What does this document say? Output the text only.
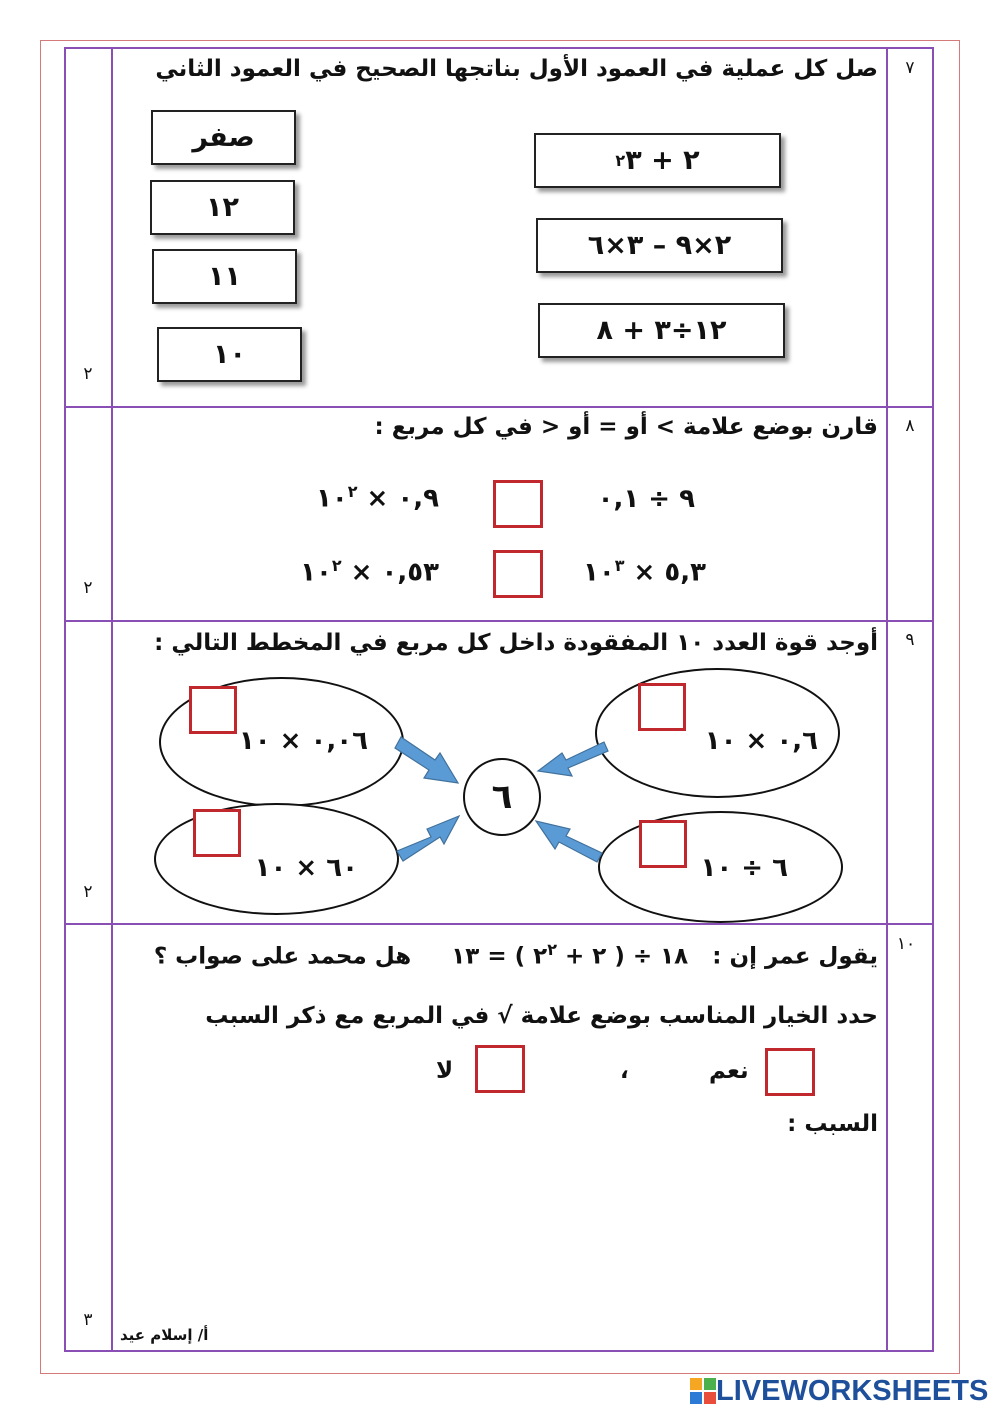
٧
٢
صل كل عملية في العمود الأول بناتجها الصحيح في العمود الثاني
صفر
١٢
١١
١٠
٢ + ٣
٢
٢×٩ – ٣×٦
١٢÷٣ + ٨
٨
٢
قارن بوضع علامة > أو = أو < في كل مربع :
٩ ÷ ٠,١
٠,٩ × $١٠^٢$
٥,٣ × $١٠^٣$
٠,٥٣ × $١٠^٢$
٩
٢
أوجد قوة العدد ١٠ المفقودة داخل كل مربع في المخطط التالي :
٠,٠٦ × ١٠	٠,٦ × ١٠
٦٠ × ١٠	٦ ÷ ١٠
٦
١٠
٣
يقول عمر إن :   ١٨ ÷ ( ٢ + $٢^٢$ ) = ١٣     هل محمد على صواب ؟
حدد الخيار المناسب بوضع علامة √ في المربع مع ذكر السبب
نعم
،
لا
السبب :
أ/ إسلام عيد
LIVEWORKSHEETS
